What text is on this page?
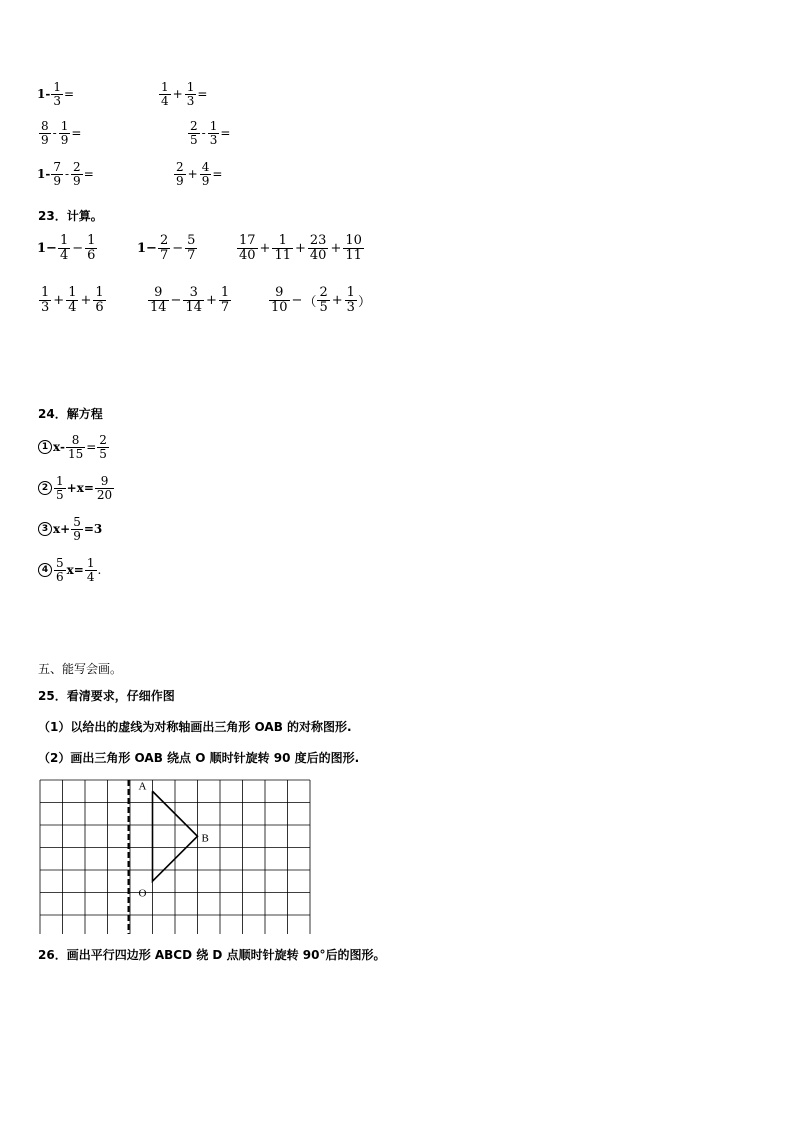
$1- \frac{1}{3}$ =	$\frac{1}{4} + \frac{1}{3}$ =
$\frac{8}{9} - \frac{1}{9}$ =	$\frac{2}{5} - \frac{1}{3}$ =
$1- \frac{7}{9} - \frac{2}{9}$ =	$\frac{2}{9} + \frac{4}{9}$ =
23．计算。
$1- \frac{1}{4} - \frac{1}{6}$	$1- \frac{2}{7} - \frac{5}{7}$	$\frac{17}{40} + \frac{1}{11} + \frac{23}{40} + \frac{10}{11}$
$\frac{1}{3} + \frac{1}{4} + \frac{1}{6}$	$\frac{9}{14} - \frac{3}{14} + \frac{1}{7}$	$\frac{9}{10}$ − （ $\frac{2}{5} + \frac{1}{3}$ ）
24．解方程
1 $x- \frac{8}{15} = \frac{2}{5}$
$2 \frac{1}{5} +x= \frac{9}{20}$
3 $x+ \frac{5}{9} =3$
$4 \frac{5}{6} x= \frac{1}{4}$ .
五、能写会画。
25．看清要求，仔细作图
（1）以给出的虚线为对称轴画出三角形 OAB 的对称图形.
（2）画出三角形 OAB 绕点 O 顺时针旋转 90 度后的图形.
A
B
O
26．画出平行四边形 ABCD 绕 D 点顺时针旋转 90°后的图形。
